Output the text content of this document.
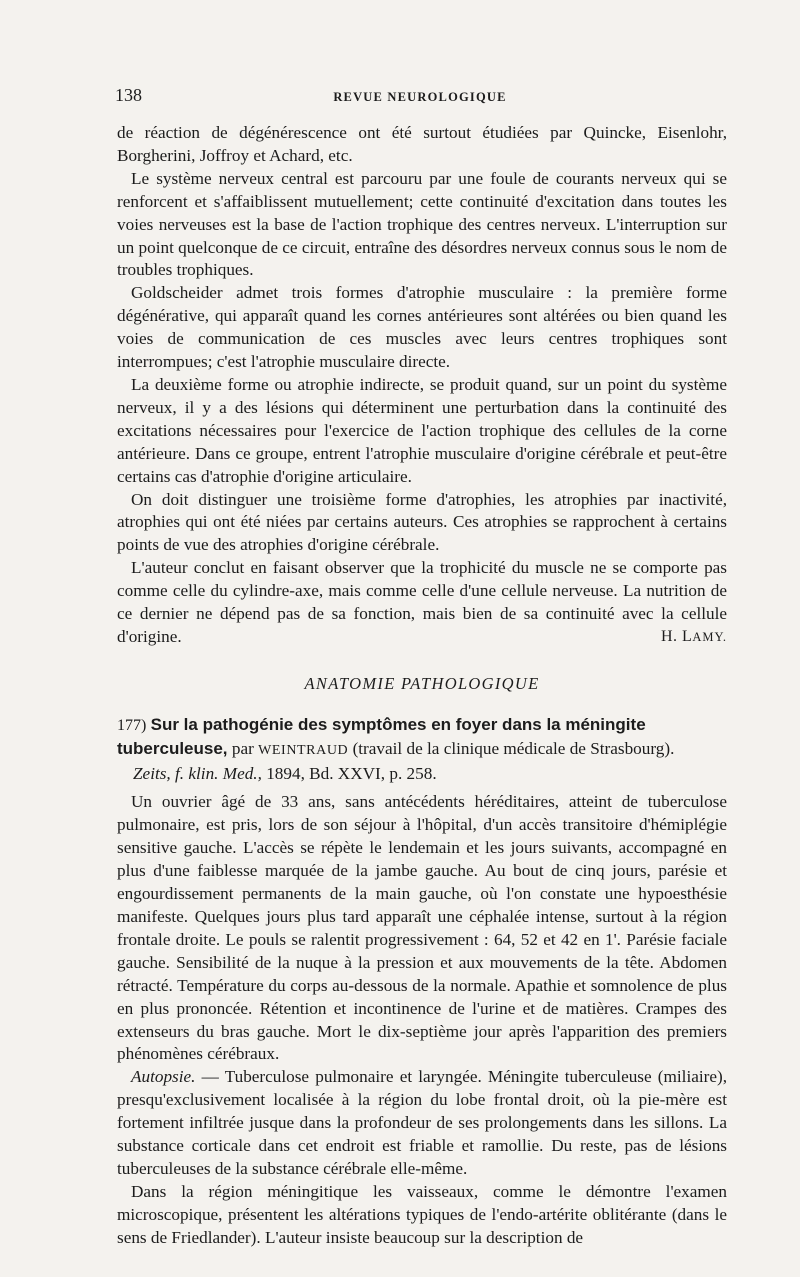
138	REVUE NEUROLOGIQUE

de réaction de dégénérescence ont été surtout étudiées par Quincke, Eisenlohr, Borgherini, Joffroy et Achard, etc.

Le système nerveux central est parcouru par une foule de courants nerveux qui se renforcent et s'affaiblissent mutuellement; cette continuité d'excitation dans toutes les voies nerveuses est la base de l'action trophique des centres nerveux. L'interruption sur un point quelconque de ce circuit, entraîne des désordres nerveux connus sous le nom de troubles trophiques.

Goldscheider admet trois formes d'atrophie musculaire : la première forme dégénérative, qui apparaît quand les cornes antérieures sont altérées ou bien quand les voies de communication de ces muscles avec leurs centres trophiques sont interrompues; c'est l'atrophie musculaire directe.

La deuxième forme ou atrophie indirecte, se produit quand, sur un point du système nerveux, il y a des lésions qui déterminent une perturbation dans la continuité des excitations nécessaires pour l'exercice de l'action trophique des cellules de la corne antérieure. Dans ce groupe, entrent l'atrophie musculaire d'origine cérébrale et peut-être certains cas d'atrophie d'origine articulaire.

On doit distinguer une troisième forme d'atrophies, les atrophies par inactivité, atrophies qui ont été niées par certains auteurs. Ces atrophies se rapprochent à certains points de vue des atrophies d'origine cérébrale.

L'auteur conclut en faisant observer que la trophicité du muscle ne se comporte pas comme celle du cylindre-axe, mais comme celle d'une cellule nerveuse. La nutrition de ce dernier ne dépend pas de sa fonction, mais bien de sa continuité avec la cellule d'origine.	H. LAMY.

ANATOMIE PATHOLOGIQUE

177) Sur la pathogénie des symptômes en foyer dans la méningite tuberculeuse, par WEINTRAUD (travail de la clinique médicale de Strasbourg).

Zeits, f. klin. Med., 1894, Bd. XXVI, p. 258.

Un ouvrier âgé de 33 ans, sans antécédents héréditaires, atteint de tuberculose pulmonaire, est pris, lors de son séjour à l'hôpital, d'un accès transitoire d'hémiplégie sensitive gauche. L'accès se répète le lendemain et les jours suivants, accompagné en plus d'une faiblesse marquée de la jambe gauche. Au bout de cinq jours, parésie et engourdissement permanents de la main gauche, où l'on constate une hypoesthésie manifeste. Quelques jours plus tard apparaît une céphalée intense, surtout à la région frontale droite. Le pouls se ralentit progressivement : 64, 52 et 42 en 1'. Parésie faciale gauche. Sensibilité de la nuque à la pression et aux mouvements de la tête. Abdomen rétracté. Température du corps au-dessous de la normale. Apathie et somnolence de plus en plus prononcée. Rétention et incontinence de l'urine et de matières. Crampes des extenseurs du bras gauche. Mort le dix-septième jour après l'apparition des premiers phénomènes cérébraux.

Autopsie. — Tuberculose pulmonaire et laryngée. Méningite tuberculeuse (miliaire), presqu'exclusivement localisée à la région du lobe frontal droit, où la pie-mère est fortement infiltrée jusque dans la profondeur de ses prolongements dans les sillons. La substance corticale dans cet endroit est friable et ramollie. Du reste, pas de lésions tuberculeuses de la substance cérébrale elle-même.

Dans la région méningitique les vaisseaux, comme le démontre l'examen microscopique, présentent les altérations typiques de l'endo-artérite oblitérante (dans le sens de Friedlander). L'auteur insiste beaucoup sur la description de
